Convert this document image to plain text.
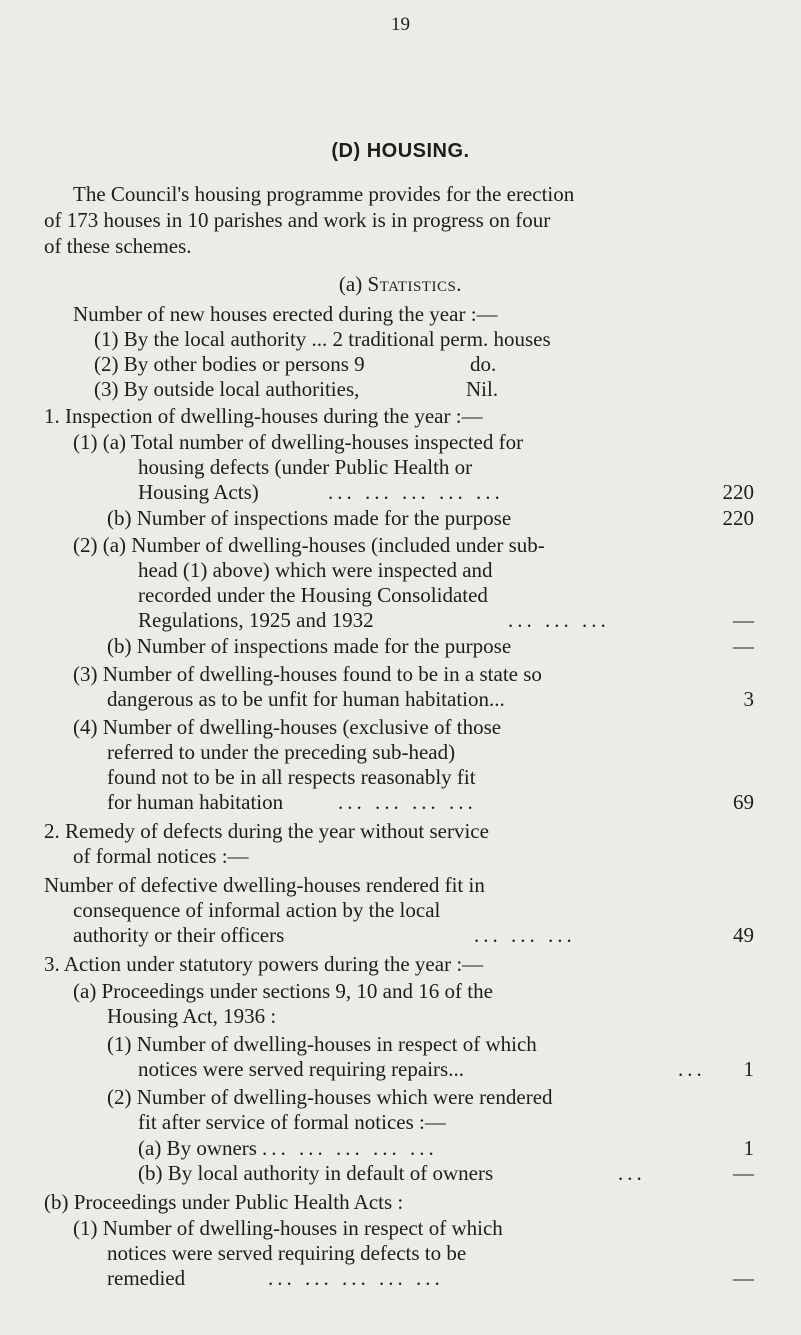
19
(D) HOUSING.
The Council's housing programme provides for the erection
of 173 houses in 10 parishes and work is in progress on four
of these schemes.
(a) Statistics.
Number of new houses erected during the year :—
(1) By the local authority ... 2 traditional perm. houses
(2) By other bodies or persons 9	do.
(3) By outside local authorities,	Nil.
1. Inspection of dwelling-houses during the year :—
(1) (a) Total number of dwelling-houses inspected for
housing defects (under Public Health or
Housing Acts)	... ... ... ... ...	220
(b) Number of inspections made for the purpose	220
(2) (a) Number of dwelling-houses (included under sub-
head (1) above) which were inspected and
recorded under the Housing Consolidated
Regulations, 1925 and 1932	... ... ...	—
(b) Number of inspections made for the purpose	—
(3) Number of dwelling-houses found to be in a state so
dangerous as to be unfit for human habitation...	3
(4) Number of dwelling-houses (exclusive of those
referred to under the preceding sub-head)
found not to be in all respects reasonably fit
for human habitation	... ... ... ...	69
2. Remedy of defects during the year without service
of formal notices :—
Number of defective dwelling-houses rendered fit in
consequence of informal action by the local
authority or their officers	... ... ...	49
3. Action under statutory powers during the year :—
(a) Proceedings under sections 9, 10 and 16 of the
Housing Act, 1936 :
(1) Number of dwelling-houses in respect of which
notices were served requiring repairs...	...	1
(2) Number of dwelling-houses which were rendered
fit after service of formal notices :—
(a) By owners ... ... ... ... ...	1
(b) By local authority in default of owners	...	—
(b) Proceedings under Public Health Acts :
(1) Number of dwelling-houses in respect of which
notices were served requiring defects to be
remedied	... ... ... ... ...	—
